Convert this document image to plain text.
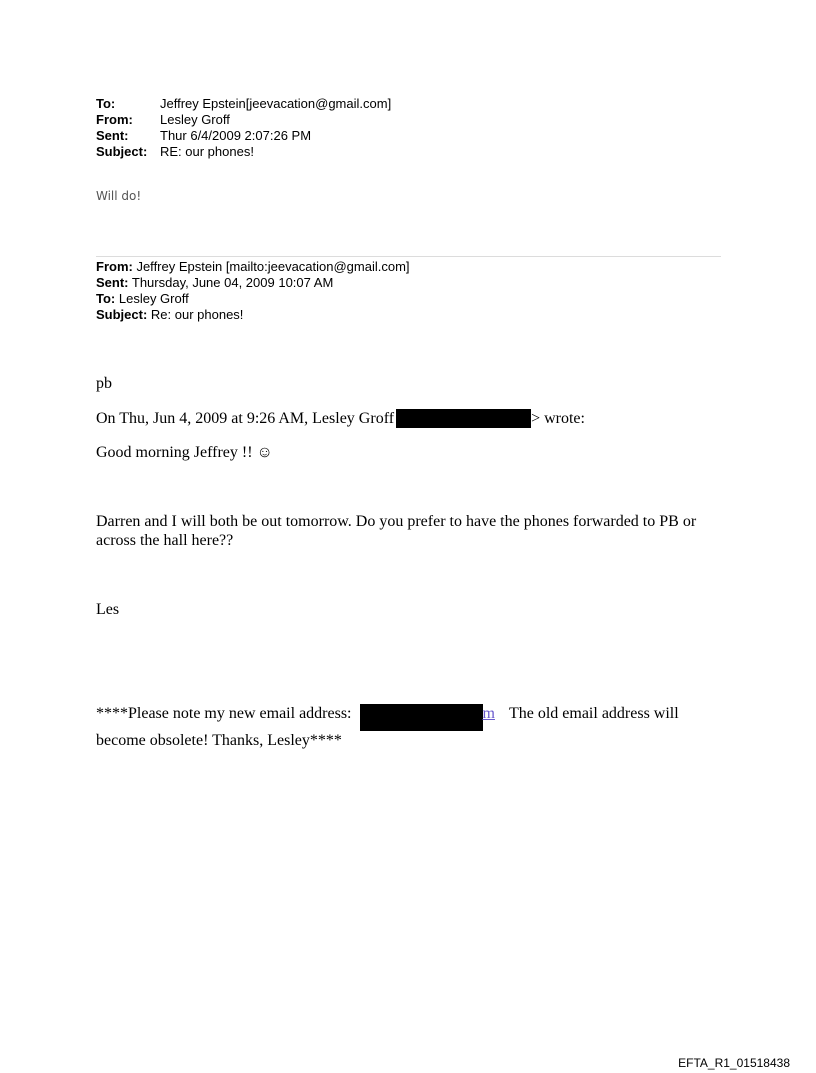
To:	Jeffrey Epstein[jeevacation@gmail.com]
From:	Lesley Groff
Sent:	Thur 6/4/2009 2:07:26 PM
Subject: RE: our phones!
Will do!
From: Jeffrey Epstein [mailto:jeevacation@gmail.com]
Sent: Thursday, June 04, 2009 10:07 AM
To: Lesley Groff
Subject: Re: our phones!
pb
On Thu, Jun 4, 2009 at 9:26 AM, Lesley Groff	> wrote:
Good morning Jeffrey !! ☺
Darren and I will both be out tomorrow. Do you prefer to have the phones forwarded to PB or across the hall here??
Les
****Please note my new email address:	m The old email address will become obsolete! Thanks, Lesley****
EFTA_R1_01518438
